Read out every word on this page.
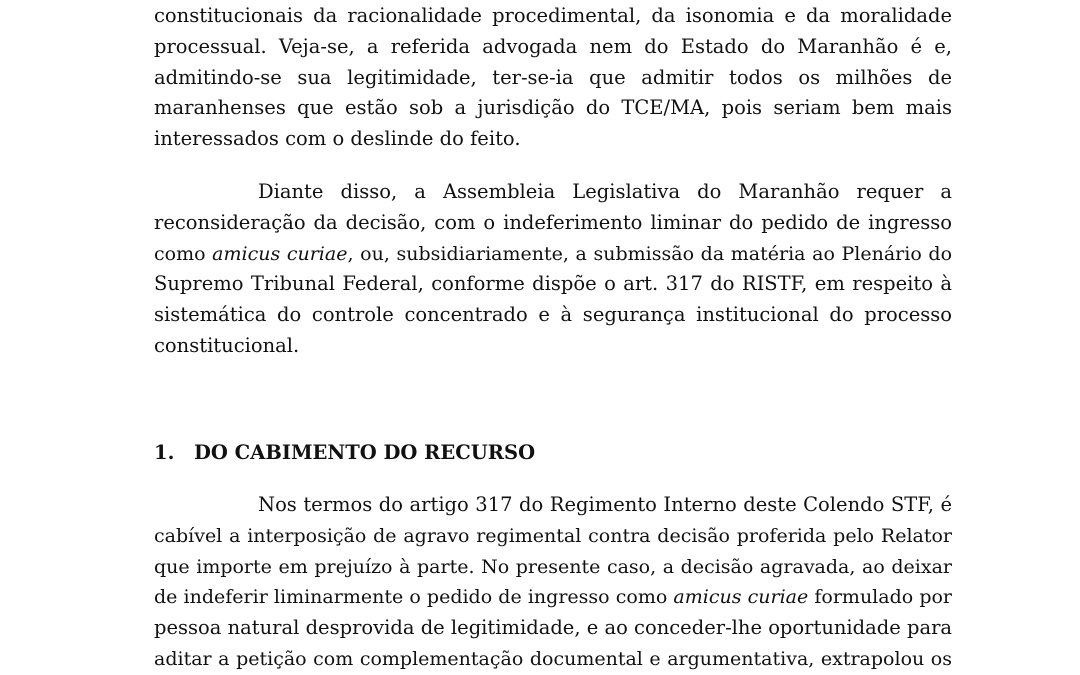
constitucionais da racionalidade procedimental, da isonomia e da moralidade
processual. Veja-se, a referida advogada nem do Estado do Maranhão é e,
admitindo-se sua legitimidade, ter-se-ia que admitir todos os milhões de
maranhenses que estão sob a jurisdição do TCE/MA, pois seriam bem mais
interessados com o deslinde do feito.

Diante disso, a Assembleia Legislativa do Maranhão requer a
reconsideração da decisão, com o indeferimento liminar do pedido de ingresso
como amicus curiae, ou, subsidiariamente, a submissão da matéria ao Plenário do
Supremo Tribunal Federal, conforme dispõe o art. 317 do RISTF, em respeito à
sistemática do controle concentrado e à segurança institucional do processo
constitucional.

1. DO CABIMENTO DO RECURSO

Nos termos do artigo 317 do Regimento Interno deste Colendo STF, é
cabível a interposição de agravo regimental contra decisão proferida pelo Relator
que importe em prejuízo à parte. No presente caso, a decisão agravada, ao deixar
de indeferir liminarmente o pedido de ingresso como amicus curiae formulado por
pessoa natural desprovida de legitimidade, e ao conceder-lhe oportunidade para
aditar a petição com complementação documental e argumentativa, extrapolou os
